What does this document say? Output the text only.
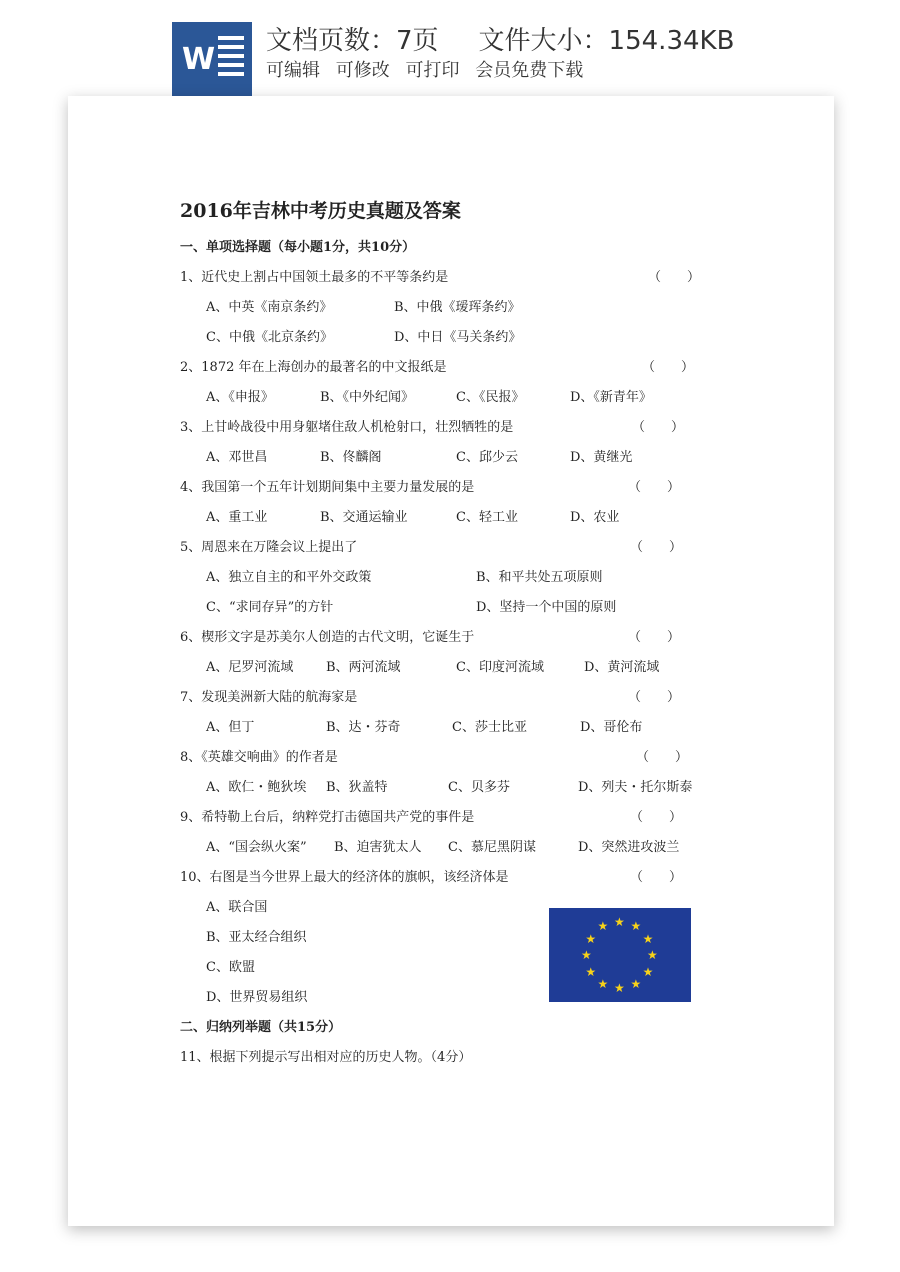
W
文档页数：7页 文件大小：154.34KB
可编辑 可修改 可打印 会员免费下载
2016年吉林中考历史真题及答案
一、单项选择题（每小题1分，共10分）
1、近代史上割占中国领土最多的不平等条约是	（　　）
A、中英《南京条约》	B、中俄《瑷珲条约》
C、中俄《北京条约》	D、中日《马关条约》
2、1872 年在上海创办的最著名的中文报纸是	（　　）
A、《申报》	B、《中外纪闻》	C、《民报》	D、《新青年》
3、上甘岭战役中用身躯堵住敌人机枪射口，壮烈牺牲的是	（　　）
A、邓世昌	B、佟麟阁	C、邱少云	D、黄继光
4、我国第一个五年计划期间集中主要力量发展的是	（　　）
A、重工业	B、交通运输业	C、轻工业	D、农业
5、周恩来在万隆会议上提出了	（　　）
A、独立自主的和平外交政策	B、和平共处五项原则
C、“求同存异”的方针	D、坚持一个中国的原则
6、楔形文字是苏美尔人创造的古代文明，它诞生于	（　　）
A、尼罗河流域	B、两河流域	C、印度河流域	D、黄河流域
7、发现美洲新大陆的航海家是	（　　）
A、但丁	B、达・芬奇	C、莎士比亚	D、哥伦布
8、《英雄交响曲》的作者是	（　　）
A、欧仁・鲍狄埃 B、狄盖特	C、贝多芬	D、列夫・托尔斯泰
9、希特勒上台后，纳粹党打击德国共产党的事件是	（　　）
A、“国会纵火案” B、迫害犹太人 C、慕尼黑阴谋	D、突然进攻波兰
10、右图是当今世界上最大的经济体的旗帜，该经济体是	（　　）
A、联合国
B、亚太经合组织
C、欧盟
D、世界贸易组织
★ ★
★
★
★
★
★
★
★
★
★
★
二、归纳列举题（共15分）
11、根据下列提示写出相对应的历史人物。（4分）
